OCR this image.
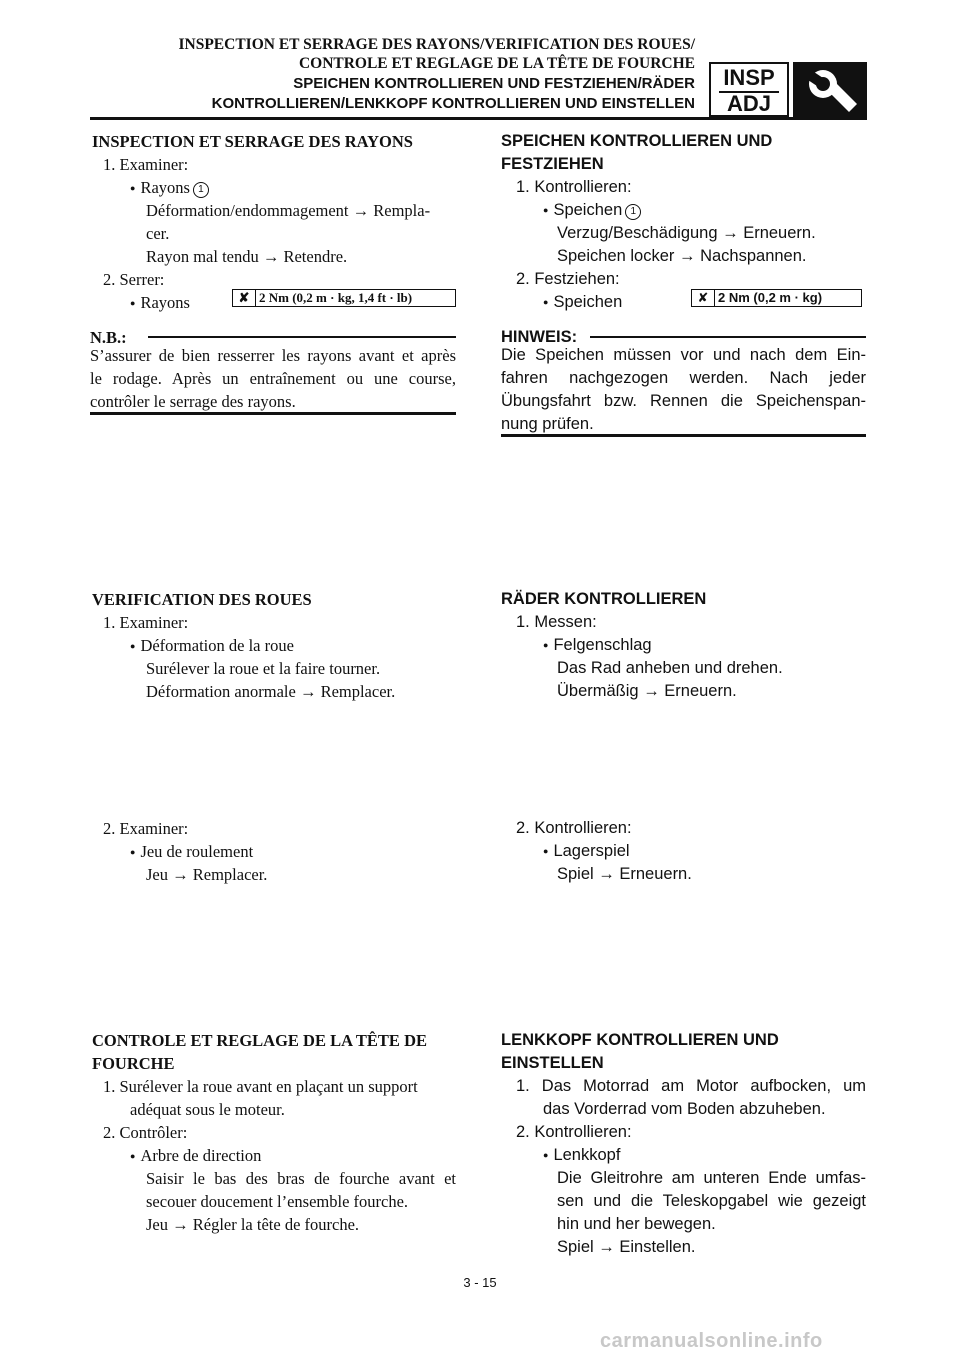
INSPECTION ET SERRAGE DES RAYONS/VERIFICATION DES ROUES/
CONTROLE ET REGLAGE DE LA TÊTE DE FOURCHE
SPEICHEN KONTROLLIEREN UND FESTZIEHEN/RÄDER
KONTROLLIEREN/LENKKOPF KONTROLLIEREN UND EINSTELLEN
INSP
ADJ
INSPECTION ET SERRAGE DES RAYONS
1. Examiner:
● Rayons 1
Déformation/endommagement → Rempla-
cer.
Rayon mal tendu → Retendre.
2. Serrer:
● Rayons	✘ 2 Nm (0,2 m · kg, 1,4 ft · lb)
N.B.:
S’assurer de bien resserrer les rayons avant et après
le rodage. Après un entraînement ou une course,
contrôler le serrage des rayons.
VERIFICATION DES ROUES
1. Examiner:
● Déformation de la roue
Surélever la roue et la faire tourner.
Déformation anormale → Remplacer.
2. Examiner:
● Jeu de roulement
Jeu → Remplacer.
CONTROLE ET REGLAGE DE LA TÊTE DE
FOURCHE
1. Surélever la roue avant en plaçant un support
adéquat sous le moteur.
2. Contrôler:
● Arbre de direction
Saisir le bas des bras de fourche avant et
secouer doucement l’ensemble fourche.
Jeu → Régler la tête de fourche.
SPEICHEN KONTROLLIEREN UND
FESTZIEHEN
1. Kontrollieren:
● Speichen 1
Verzug/Beschädigung → Erneuern.
Speichen locker → Nachspannen.
2. Festziehen:
● Speichen	✘ 2 Nm (0,2 m · kg)
HINWEIS:
Die Speichen müssen vor und nach dem Ein-
fahren nachgezogen werden. Nach jeder
Übungsfahrt bzw. Rennen die Speichenspan-
nung prüfen.
RÄDER KONTROLLIEREN
1. Messen:
● Felgenschlag
Das Rad anheben und drehen.
Übermäßig → Erneuern.
2. Kontrollieren:
● Lagerspiel
Spiel → Erneuern.
LENKKOPF KONTROLLIEREN UND
EINSTELLEN
1. Das Motorrad am Motor aufbocken, um
das Vorderrad vom Boden abzuheben.
2. Kontrollieren:
● Lenkkopf
Die Gleitrohre am unteren Ende umfas-
sen und die Teleskopgabel wie gezeigt
hin und her bewegen.
Spiel → Einstellen.
3 - 15
carmanualsonline.info
